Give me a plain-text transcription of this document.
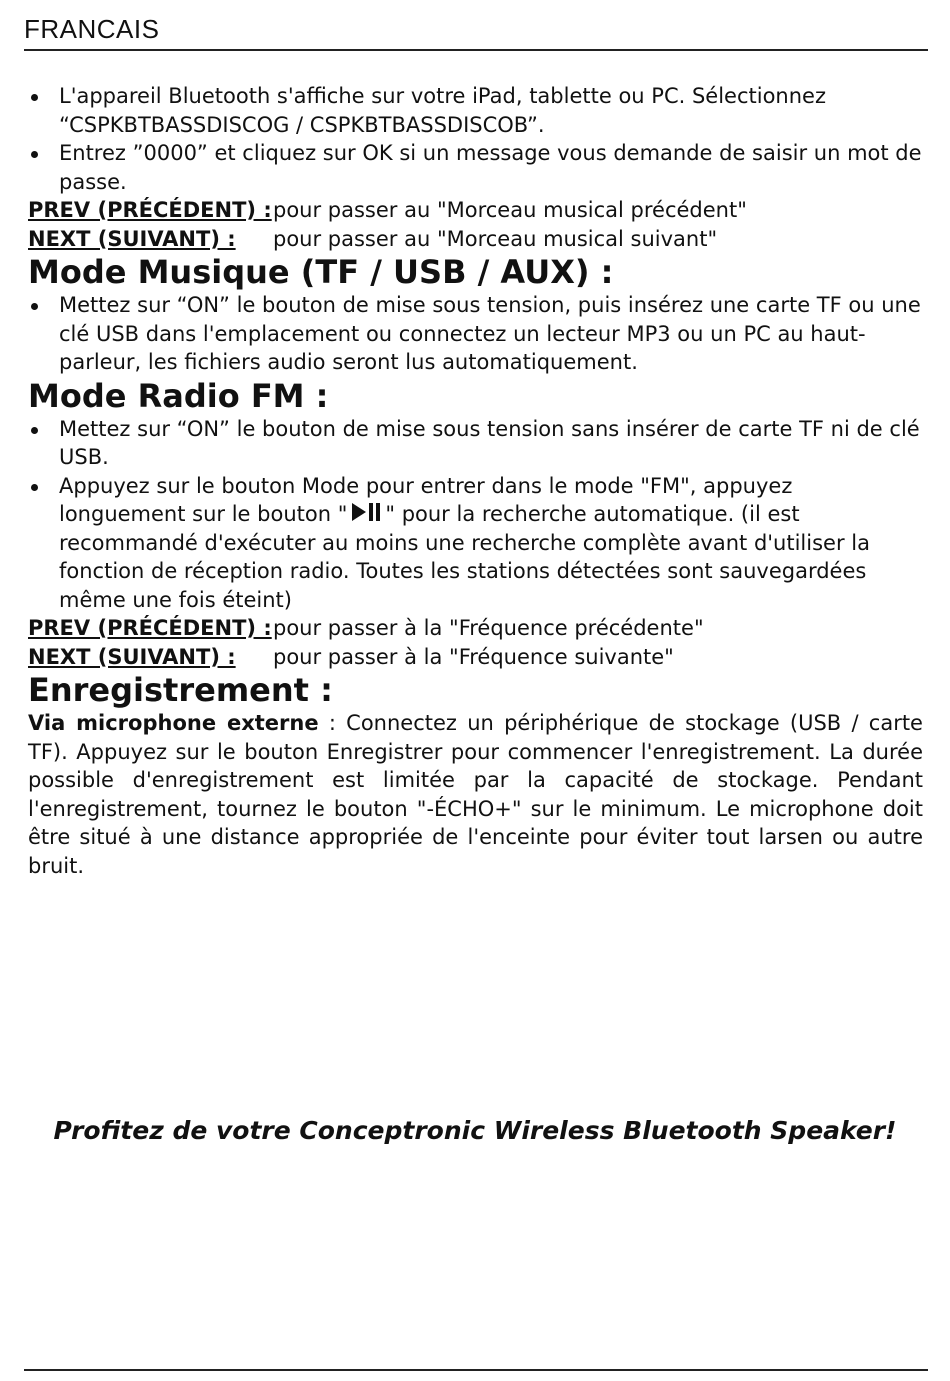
FRANCAIS
L'appareil Bluetooth s'affiche sur votre iPad, tablette ou PC. Sélectionnez “CSPKBTBASSDISCOG / CSPKBTBASSDISCOB”.
Entrez ”0000” et cliquez sur OK si un message vous demande de saisir un mot de passe.
PREV (PRÉCÉDENT) : pour passer au "Morceau musical précédent"
NEXT (SUIVANT) :	pour passer au "Morceau musical suivant"
Mode Musique (TF / USB / AUX) :
Mettez sur “ON” le bouton de mise sous tension, puis insérez une carte TF ou une clé USB dans l'emplacement ou connectez un lecteur MP3 ou un PC au haut-parleur, les fichiers audio seront lus automatiquement.
Mode Radio FM :
Mettez sur “ON” le bouton de mise sous tension sans insérer de carte TF ni de clé USB.
Appuyez sur le bouton Mode pour entrer dans le mode "FM", appuyez longuement sur le bouton " " pour la recherche automatique. (il est recommandé d'exécuter au moins une recherche complète avant d'utiliser la fonction de réception radio. Toutes les stations détectées sont sauvegardées même une fois éteint)
PREV (PRÉCÉDENT) : pour passer à la "Fréquence précédente"
NEXT (SUIVANT) :	pour passer à la "Fréquence suivante"
Enregistrement :

Via microphone externe : Connectez un périphérique de stockage (USB / carte TF). Appuyez sur le bouton Enregistrer pour commencer l'enregistrement. La durée possible d'enregistrement est limitée par la capacité de stockage. Pendant l'enregistrement, tournez le bouton "-ÉCHO+" sur le minimum. Le microphone doit être situé à une distance appropriée de l'enceinte pour éviter tout larsen ou autre bruit.

Profitez de votre Conceptronic Wireless Bluetooth Speaker!
